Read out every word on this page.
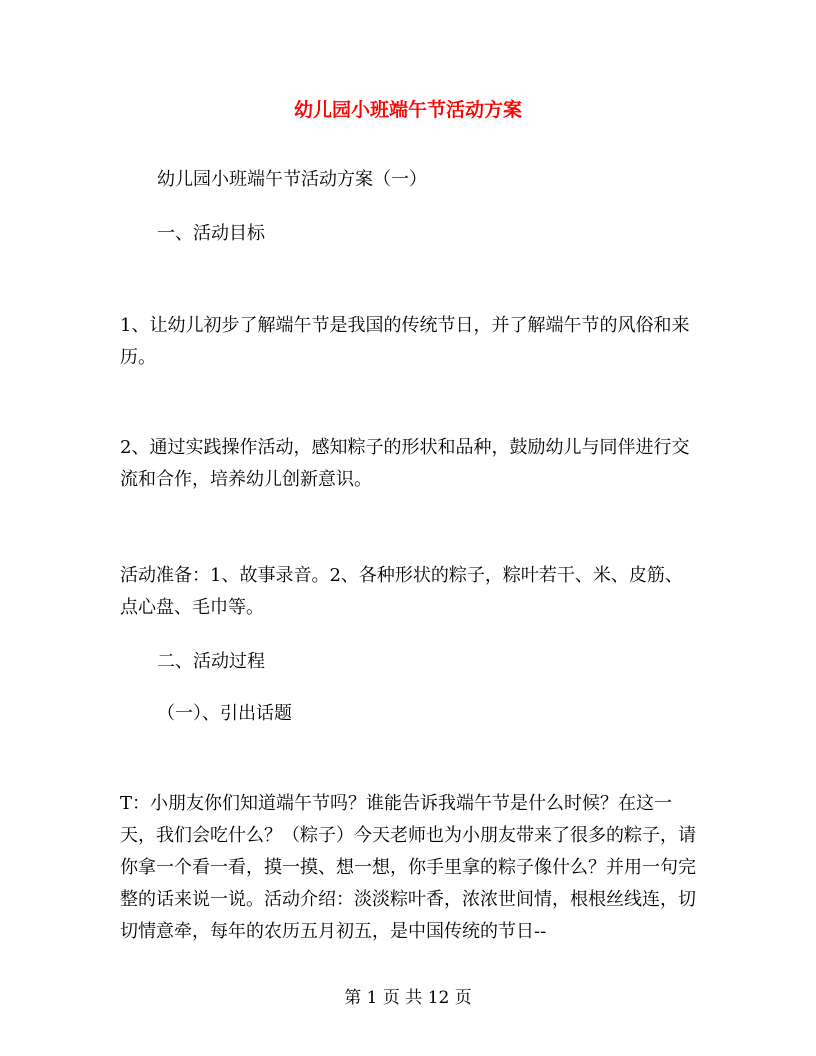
幼儿园小班端午节活动方案

幼儿园小班端午节活动方案（一）

一、活动目标

1、让幼儿初步了解端午节是我国的传统节日，并了解端午节的风俗和来历。

2、通过实践操作活动，感知粽子的形状和品种，鼓励幼儿与同伴进行交流和合作，培养幼儿创新意识。

活动准备：1、故事录音。2、各种形状的粽子，粽叶若干、米、皮筋、点心盘、毛巾等。

二、活动过程

（一）、引出话题

T：小朋友你们知道端午节吗？谁能告诉我端午节是什么时候？在这一天，我们会吃什么？（粽子）今天老师也为小朋友带来了很多的粽子，请你拿一个看一看，摸一摸、想一想，你手里拿的粽子像什么？并用一句完整的话来说一说。活动介绍：淡淡粽叶香，浓浓世间情，根根丝线连，切切情意牵，每年的农历五月初五，是中国传统的节日--

第 1 页 共 12 页
